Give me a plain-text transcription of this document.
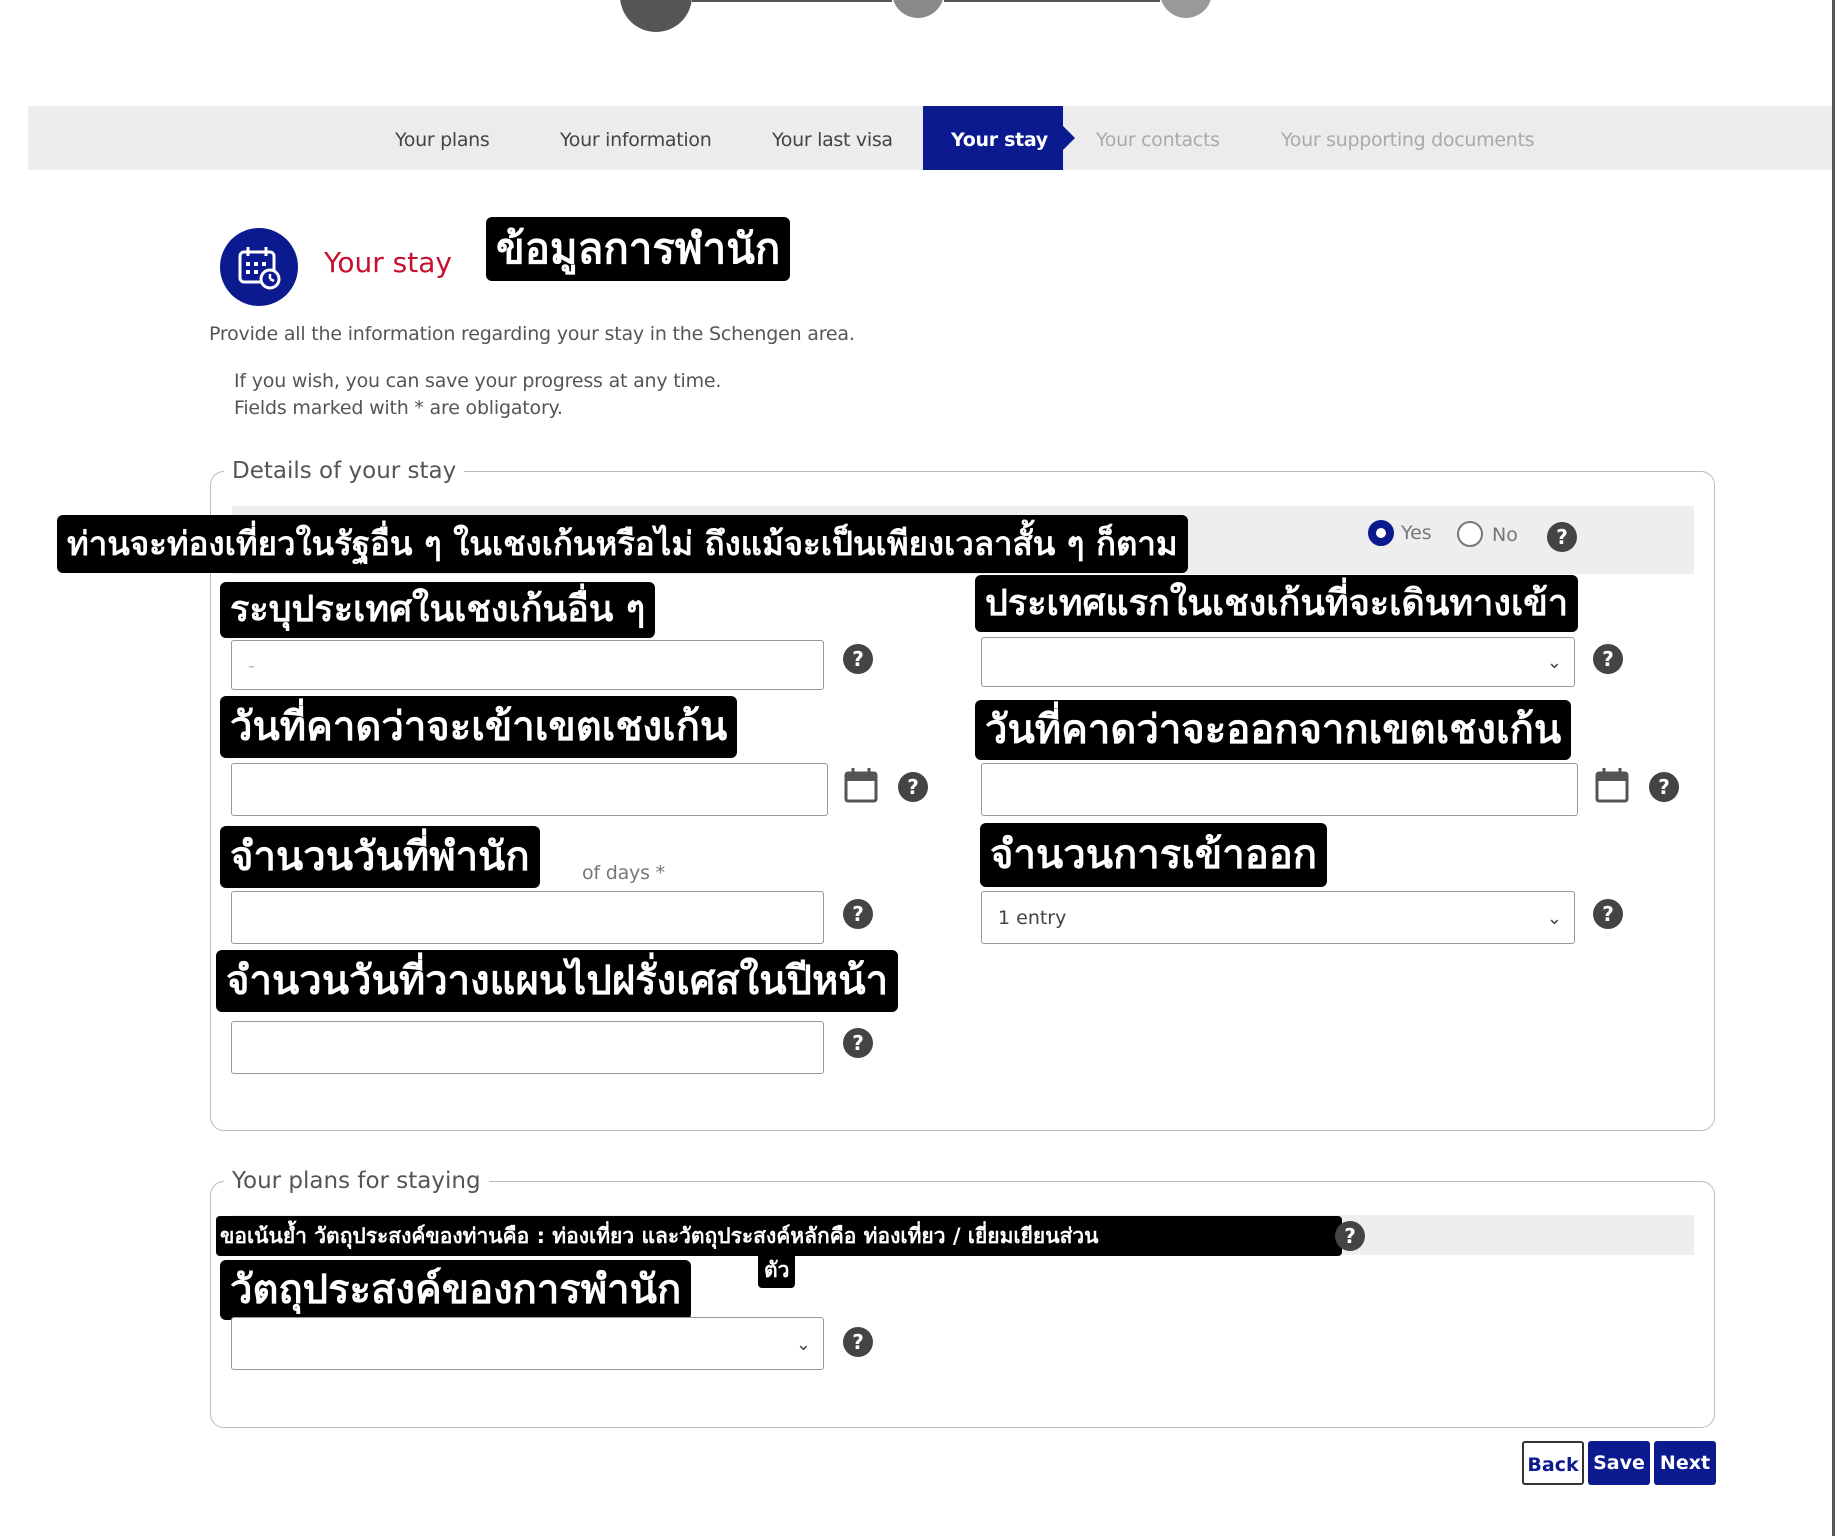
Your plans	Your information	Your last visa	Your stay	Your contacts	Your supporting documents
Your stay ข้อมูลการพำนัก
Provide all the information regarding your stay in the Schengen area.
If you wish, you can save your progress at any time.
Fields marked with * are obligatory.
Details of your stay
ท่านจะท่องเที่ยวในรัฐอื่น ๆ ในเชงเก้นหรือไม่ ถึงแม้จะเป็นเพียงเวลาสั้น ๆ ก็ตาม	Yes	No	?
ระบุประเทศในเชงเก้นอื่น ๆ
-	?
ประเทศแรกในเชงเก้นที่จะเดินทางเข้า
⌄	?
วันที่คาดว่าจะเข้าเขตเชงเก้น
?
วันที่คาดว่าจะออกจากเขตเชงเก้น
?
จำนวนวันที่พำนัก	of days *
?
จำนวนการเข้าออก
1 entry	⌄	?
จำนวนวันที่วางแผนไปฝรั่งเศสในปีหน้า
?
Your plans for staying
ขอเน้นย้ำ วัตถุประสงค์ของท่านคือ : ท่องเที่ยว และวัตถุประสงค์หลักคือ ท่องเที่ยว / เยี่ยมเยียนส่วน
ตัว
?
วัตถุประสงค์ของการพำนัก
⌄	?
Back Save Next
